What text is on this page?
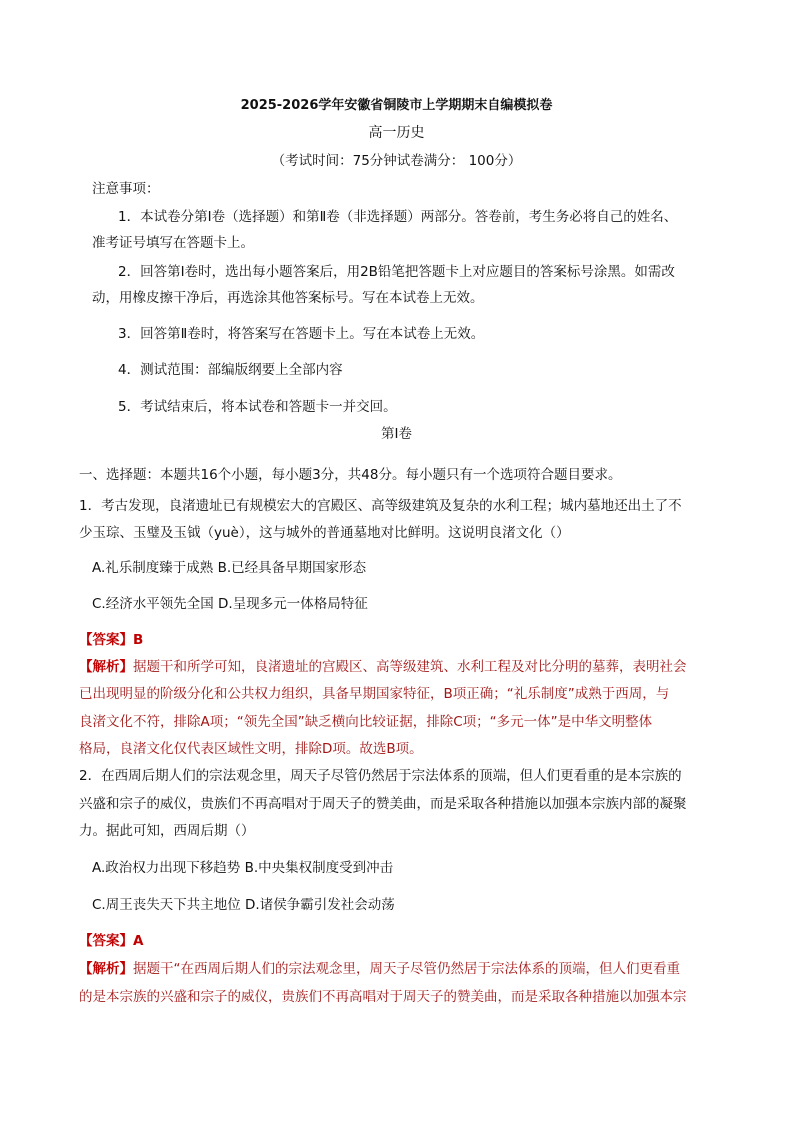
2025-2026学年安徽省铜陵市上学期期末自编模拟卷
高一历史
（考试时间：75分钟试卷满分： 100分）
注意事项：
1．本试卷分第Ⅰ卷（选择题）和第Ⅱ卷（非选择题）两部分。答卷前，考生务必将自己的姓名、
准考证号填写在答题卡上。
2．回答第Ⅰ卷时，选出每小题答案后，用2B铅笔把答题卡上对应题目的答案标号涂黑。如需改
动，用橡皮擦干净后，再选涂其他答案标号。写在本试卷上无效。
3．回答第Ⅱ卷时，将答案写在答题卡上。写在本试卷上无效。
4．测试范围：部编版纲要上全部内容
5．考试结束后，将本试卷和答题卡一并交回。
第Ⅰ卷
一、选择题：本题共16个小题，每小题3分，共48分。每小题只有一个选项符合题目要求。
1．考古发现，良渚遗址已有规模宏大的宫殿区、高等级建筑及复杂的水利工程；城内墓地还出土了不
少玉琮、玉璧及玉钺（yuè），这与城外的普通墓地对比鲜明。这说明良渚文化（）
A.礼乐制度臻于成熟 B.已经具备早期国家形态
C.经济水平领先全国 D.呈现多元一体格局特征
【答案】B
【解析】据题干和所学可知，良渚遗址的宫殿区、高等级建筑、水利工程及对比分明的墓葬，表明社会
已出现明显的阶级分化和公共权力组织，具备早期国家特征，B项正确；“礼乐制度”成熟于西周，与
良渚文化不符，排除A项；“领先全国”缺乏横向比较证据，排除C项；“多元一体”是中华文明整体
格局，良渚文化仅代表区域性文明，排除D项。故选B项。
2．在西周后期人们的宗法观念里，周天子尽管仍然居于宗法体系的顶端，但人们更看重的是本宗族的
兴盛和宗子的威仪，贵族们不再高唱对于周天子的赞美曲，而是采取各种措施以加强本宗族内部的凝聚
力。据此可知，西周后期（）
A.政治权力出现下移趋势 B.中央集权制度受到冲击
C.周王丧失天下共主地位 D.诸侯争霸引发社会动荡
【答案】A
【解析】据题干“在西周后期人们的宗法观念里，周天子尽管仍然居于宗法体系的顶端，但人们更看重
的是本宗族的兴盛和宗子的威仪，贵族们不再高唱对于周天子的赞美曲，而是采取各种措施以加强本宗
